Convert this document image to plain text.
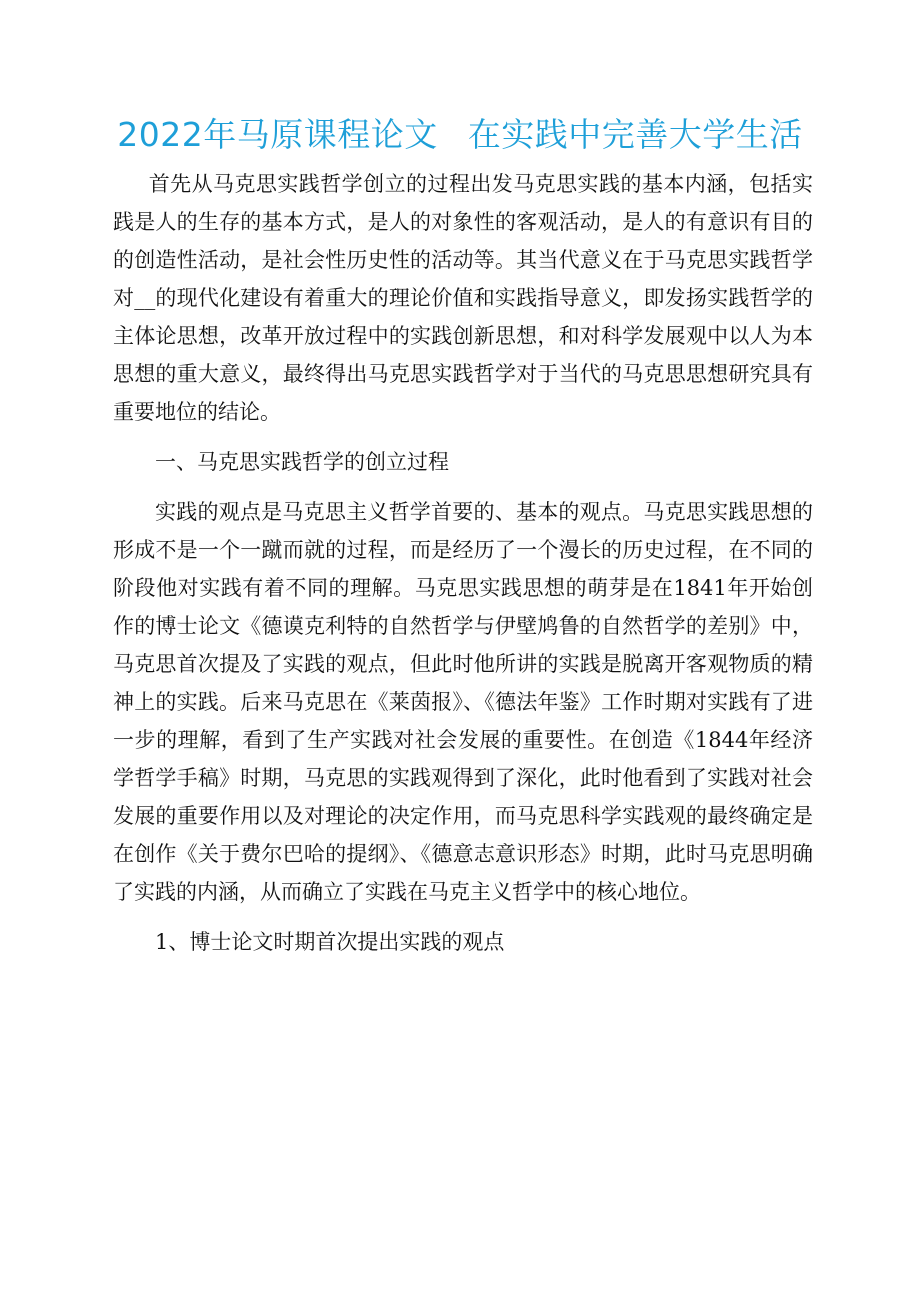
2022年马原课程论文 在实践中完善大学生活

首先从马克思实践哲学创立的过程出发马克思实践的基本内涵，包括实践是人的生存的基本方式，是人的对象性的客观活动，是人的有意识有目的的创造性活动，是社会性历史性的活动等。其当代意义在于马克思实践哲学对__的现代化建设有着重大的理论价值和实践指导意义，即发扬实践哲学的主体论思想，改革开放过程中的实践创新思想，和对科学发展观中以人为本思想的重大意义，最终得出马克思实践哲学对于当代的马克思思想研究具有重要地位的结论。

一、马克思实践哲学的创立过程

实践的观点是马克思主义哲学首要的、基本的观点。马克思实践思想的形成不是一个一蹴而就的过程，而是经历了一个漫长的历史过程，在不同的阶段他对实践有着不同的理解。马克思实践思想的萌芽是在1841年开始创作的博士论文《德谟克利特的自然哲学与伊壁鸠鲁的自然哲学的差别》中，马克思首次提及了实践的观点，但此时他所讲的实践是脱离开客观物质的精神上的实践。后来马克思在《莱茵报》、《德法年鉴》工作时期对实践有了进一步的理解，看到了生产实践对社会发展的重要性。在创造《1844年经济学哲学手稿》时期，马克思的实践观得到了深化，此时他看到了实践对社会发展的重要作用以及对理论的决定作用，而马克思科学实践观的最终确定是在创作《关于费尔巴哈的提纲》、《德意志意识形态》时期，此时马克思明确了实践的内涵，从而确立了实践在马克主义哲学中的核心地位。

1、博士论文时期首次提出实践的观点
